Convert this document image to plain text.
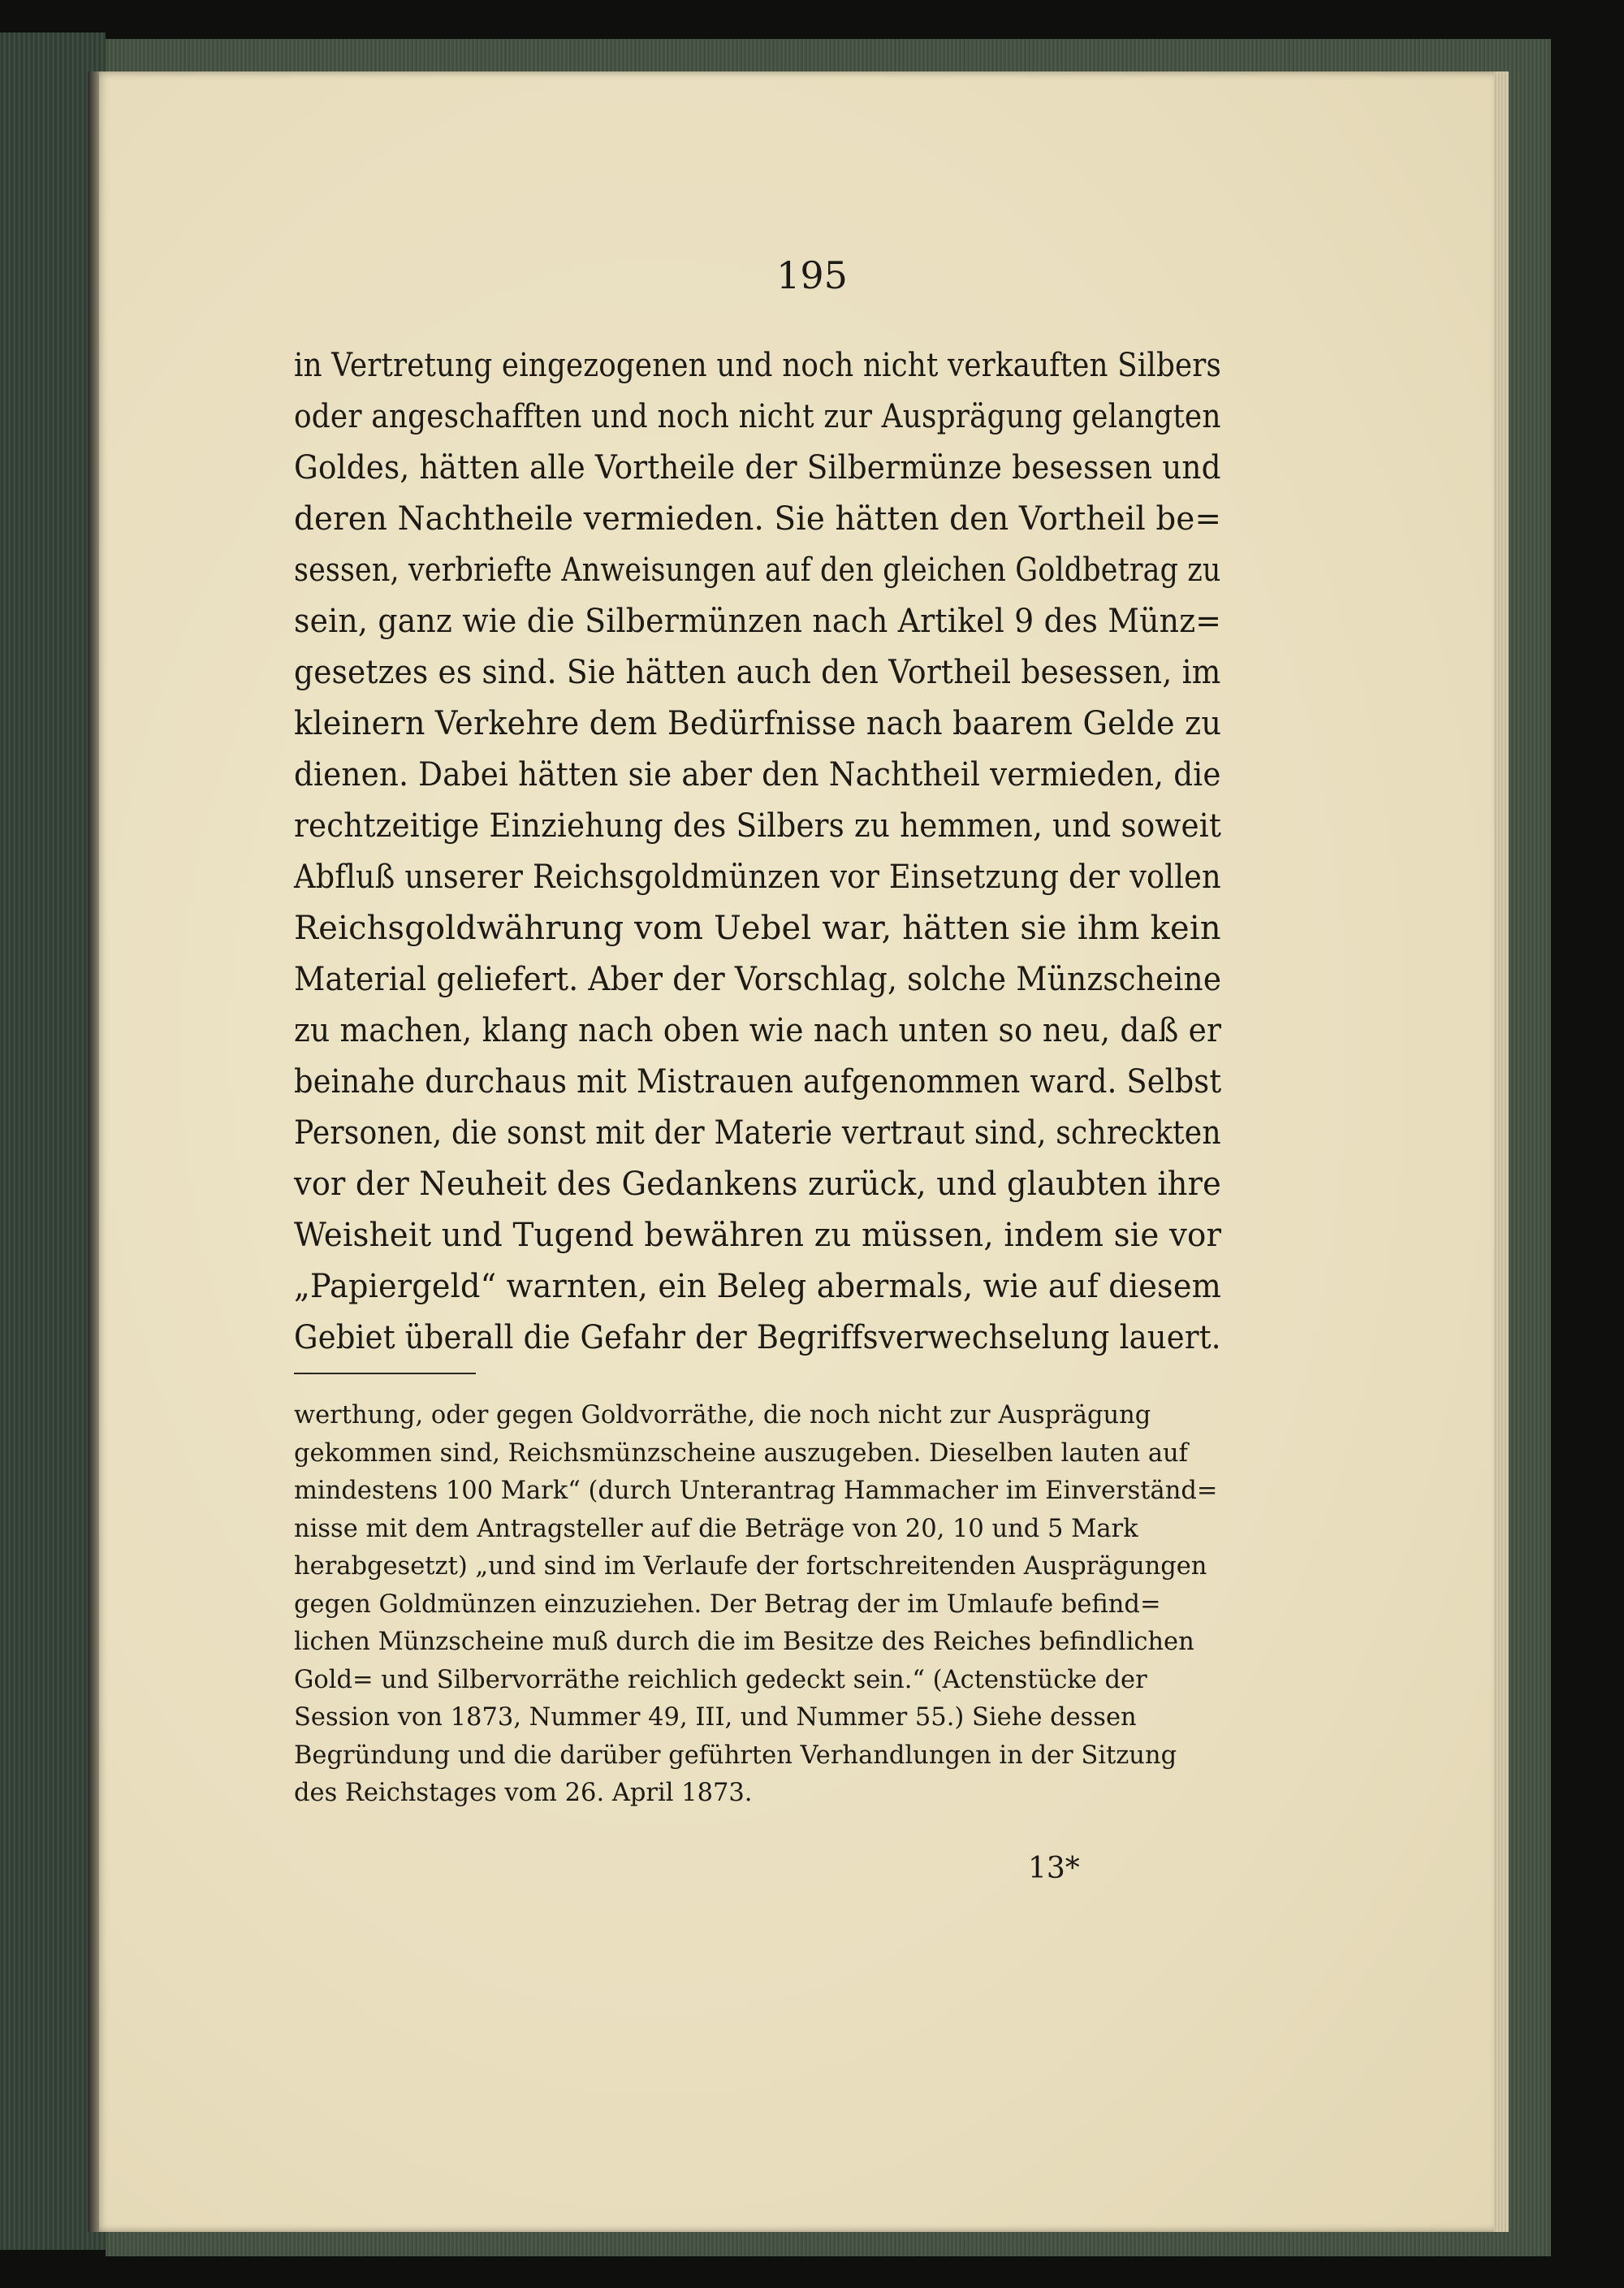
195
in Vertretung eingezogenen und noch nicht verkauften Silbers
oder angeschafften und noch nicht zur Ausprägung gelangten
Goldes, hätten alle Vortheile der Silbermünze besessen und
deren Nachtheile vermieden. Sie hätten den Vortheil be=
sessen, verbriefte Anweisungen auf den gleichen Goldbetrag zu
sein, ganz wie die Silbermünzen nach Artikel 9 des Münz=
gesetzes es sind. Sie hätten auch den Vortheil besessen, im
kleinern Verkehre dem Bedürfnisse nach baarem Gelde zu
dienen. Dabei hätten sie aber den Nachtheil vermieden, die
rechtzeitige Einziehung des Silbers zu hemmen, und soweit
Abfluß unserer Reichsgoldmünzen vor Einsetzung der vollen
Reichsgoldwährung vom Uebel war, hätten sie ihm kein
Material geliefert. Aber der Vorschlag, solche Münzscheine
zu machen, klang nach oben wie nach unten so neu, daß er
beinahe durchaus mit Mistrauen aufgenommen ward. Selbst
Personen, die sonst mit der Materie vertraut sind, schreckten
vor der Neuheit des Gedankens zurück, und glaubten ihre
Weisheit und Tugend bewähren zu müssen, indem sie vor
„Papiergeld“ warnten, ein Beleg abermals, wie auf diesem
Gebiet überall die Gefahr der Begriffsverwechselung lauert.
werthung, oder gegen Goldvorräthe, die noch nicht zur Ausprägung
gekommen sind, Reichsmünzscheine auszugeben. Dieselben lauten auf
mindestens 100 Mark“ (durch Unterantrag Hammacher im Einverständ=
nisse mit dem Antragsteller auf die Beträge von 20, 10 und 5 Mark
herabgesetzt) „und sind im Verlaufe der fortschreitenden Ausprägungen
gegen Goldmünzen einzuziehen. Der Betrag der im Umlaufe befind=
lichen Münzscheine muß durch die im Besitze des Reiches befindlichen
Gold= und Silbervorräthe reichlich gedeckt sein.“ (Actenstücke der
Session von 1873, Nummer 49, III, und Nummer 55.) Siehe dessen
Begründung und die darüber geführten Verhandlungen in der Sitzung
des Reichstages vom 26. April 1873.
13*
